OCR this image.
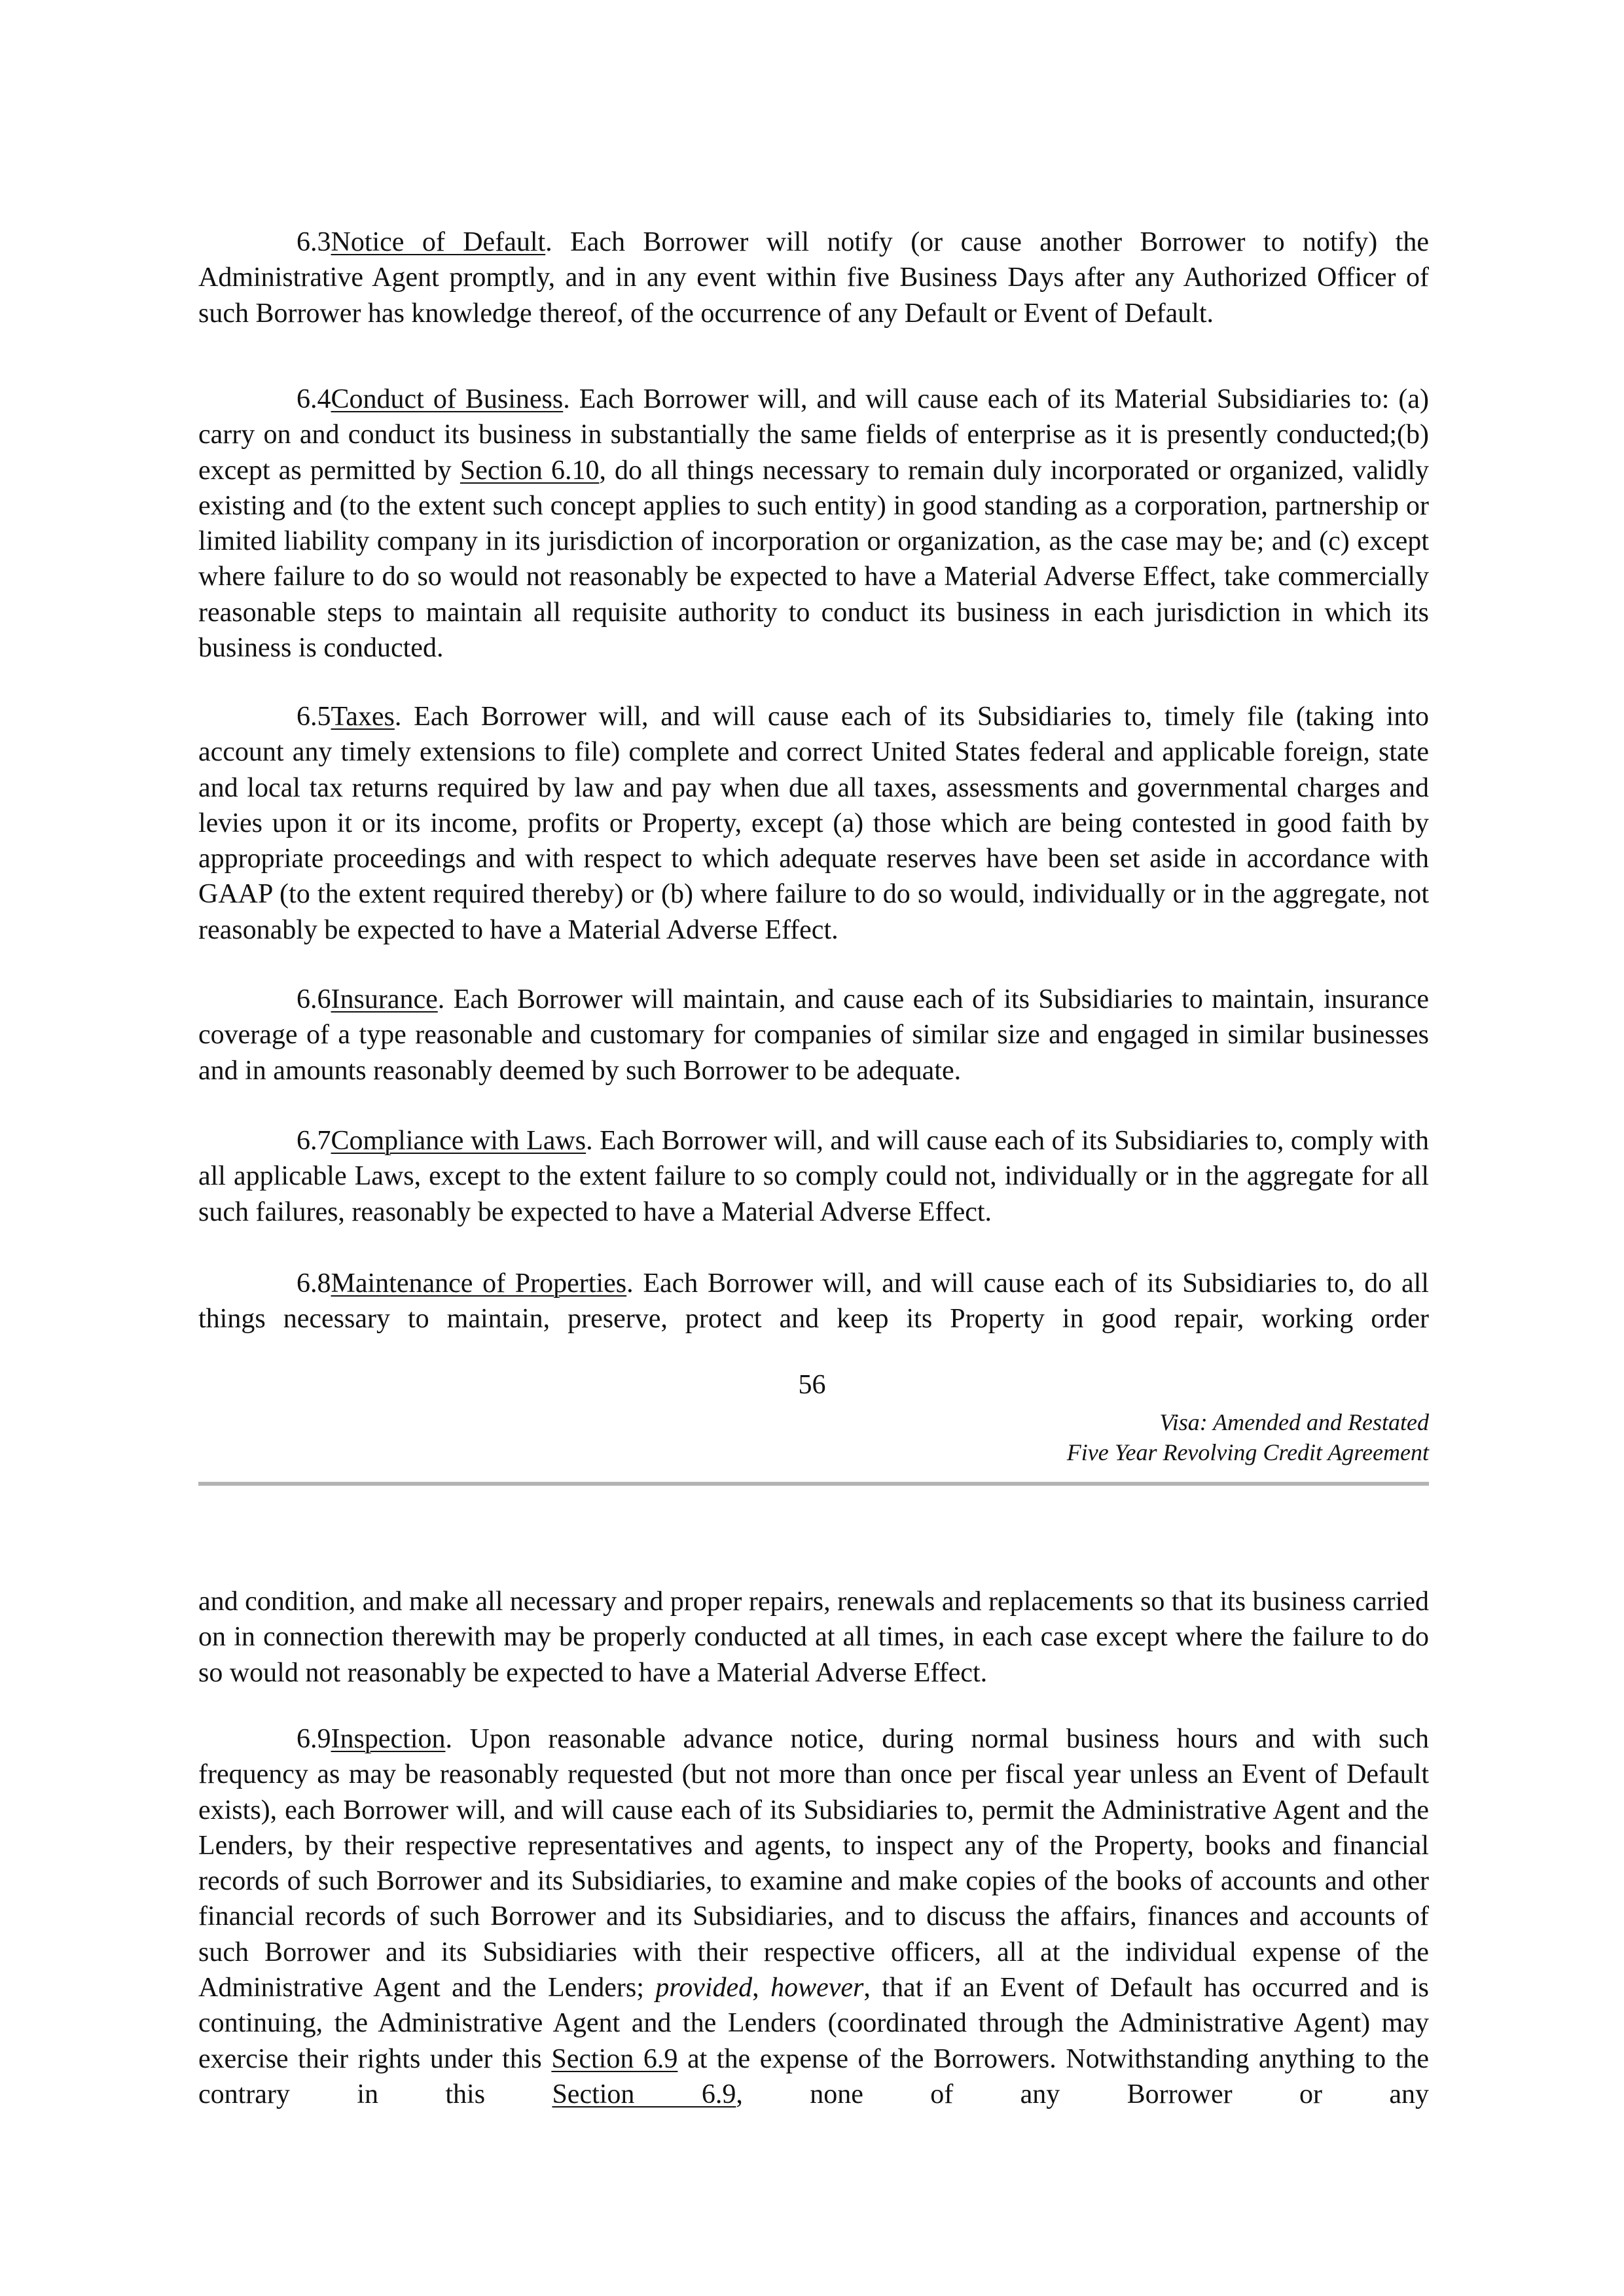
6.3Notice of Default. Each Borrower will notify (or cause another Borrower to notify) the Administrative Agent promptly, and in any event within five Business Days after any Authorized Officer of such Borrower has knowledge thereof, of the occurrence of any Default or Event of Default.

6.4Conduct of Business. Each Borrower will, and will cause each of its Material Subsidiaries to: (a) carry on and conduct its business in substantially the same fields of enterprise as it is presently conducted;(b) except as permitted by Section 6.10, do all things necessary to remain duly incorporated or organized, validly existing and (to the extent such concept applies to such entity) in good standing as a corporation, partnership or limited liability company in its jurisdiction of incorporation or organization, as the case may be; and (c) except where failure to do so would not reasonably be expected to have a Material Adverse Effect, take commercially reasonable steps to maintain all requisite authority to conduct its business in each jurisdiction in which its business is conducted.

6.5Taxes. Each Borrower will, and will cause each of its Subsidiaries to, timely file (taking into account any timely extensions to file) complete and correct United States federal and applicable foreign, state and local tax returns required by law and pay when due all taxes, assessments and governmental charges and levies upon it or its income, profits or Property, except (a) those which are being contested in good faith by appropriate proceedings and with respect to which adequate reserves have been set aside in accordance with GAAP (to the extent required thereby) or (b) where failure to do so would, individually or in the aggregate, not reasonably be expected to have a Material Adverse Effect.

6.6Insurance. Each Borrower will maintain, and cause each of its Subsidiaries to maintain, insurance coverage of a type reasonable and customary for companies of similar size and engaged in similar businesses and in amounts reasonably deemed by such Borrower to be adequate.

6.7Compliance with Laws. Each Borrower will, and will cause each of its Subsidiaries to, comply with all applicable Laws, except to the extent failure to so comply could not, individually or in the aggregate for all such failures, reasonably be expected to have a Material Adverse Effect.

6.8Maintenance of Properties. Each Borrower will, and will cause each of its Subsidiaries to, do all things necessary to maintain, preserve, protect and keep its Property in good repair, working order

56
Visa: Amended and Restated
Five Year Revolving Credit Agreement

and condition, and make all necessary and proper repairs, renewals and replacements so that its business carried on in connection therewith may be properly conducted at all times, in each case except where the failure to do so would not reasonably be expected to have a Material Adverse Effect.

6.9Inspection. Upon reasonable advance notice, during normal business hours and with such frequency as may be reasonably requested (but not more than once per fiscal year unless an Event of Default exists), each Borrower will, and will cause each of its Subsidiaries to, permit the Administrative Agent and the Lenders, by their respective representatives and agents, to inspect any of the Property, books and financial records of such Borrower and its Subsidiaries, to examine and make copies of the books of accounts and other financial records of such Borrower and its Subsidiaries, and to discuss the affairs, finances and accounts of such Borrower and its Subsidiaries with their respective officers, all at the individual expense of the Administrative Agent and the Lenders; provided, however, that if an Event of Default has occurred and is continuing, the Administrative Agent and the Lenders (coordinated through the Administrative Agent) may exercise their rights under this Section 6.9 at the expense of the Borrowers. Notwithstanding anything to the contrary in this Section 6.9, none of any Borrower or any
